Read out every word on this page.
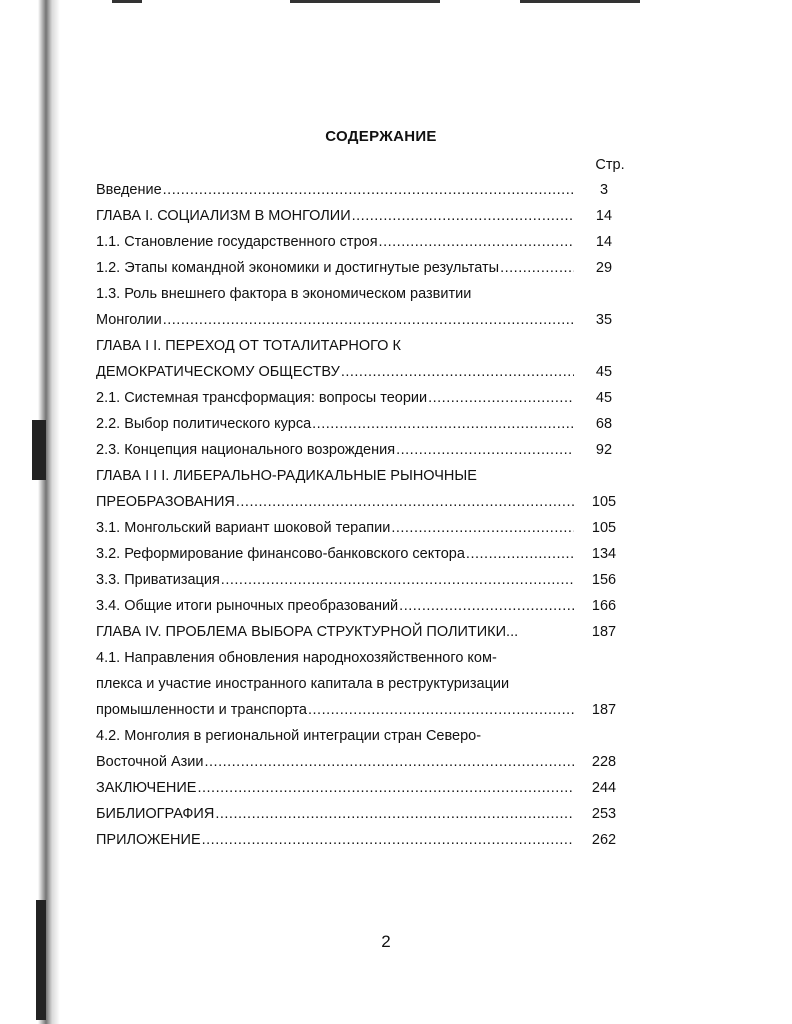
СОДЕРЖАНИЕ
Стр.
Введение .....	3
ГЛАВА I. СОЦИАЛИЗМ В МОНГОЛИИ .....	14
1.1. Становление государственного строя .....	14
1.2. Этапы командной экономики и достигнутые результаты .....	29
1.3. Роль внешнего фактора в экономическом развитии
Монголии .....	35
ГЛАВА I I. ПЕРЕХОД ОТ ТОТАЛИТАРНОГО К
ДЕМОКРАТИЧЕСКОМУ ОБЩЕСТВУ .....	45
2.1. Системная трансформация: вопросы теории .....	45
2.2. Выбор политического курса .....	68
2.3. Концепция национального возрождения .....	92
ГЛАВА I I I. ЛИБЕРАЛЬНО-РАДИКАЛЬНЫЕ РЫНОЧНЫЕ
ПРЕОБРАЗОВАНИЯ .....	105
3.1. Монгольский вариант шоковой терапии .....	105
3.2. Реформирование финансово-банковского сектора .....	134
3.3. Приватизация .....	156
3.4. Общие итоги рыночных преобразований .....	166
ГЛАВА IV. ПРОБЛЕМА ВЫБОРА СТРУКТУРНОЙ ПОЛИТИКИ...	187
4.1. Направления обновления народнохозяйственного ком-
плекса и участие иностранного капитала в реструктуризации
промышленности и транспорта .....	187
4.2. Монголия в региональной интеграции стран Северо-
Восточной Азии .....	228
ЗАКЛЮЧЕНИЕ .....	244
БИБЛИОГРАФИЯ .....	253
ПРИЛОЖЕНИЕ .....	262
2
